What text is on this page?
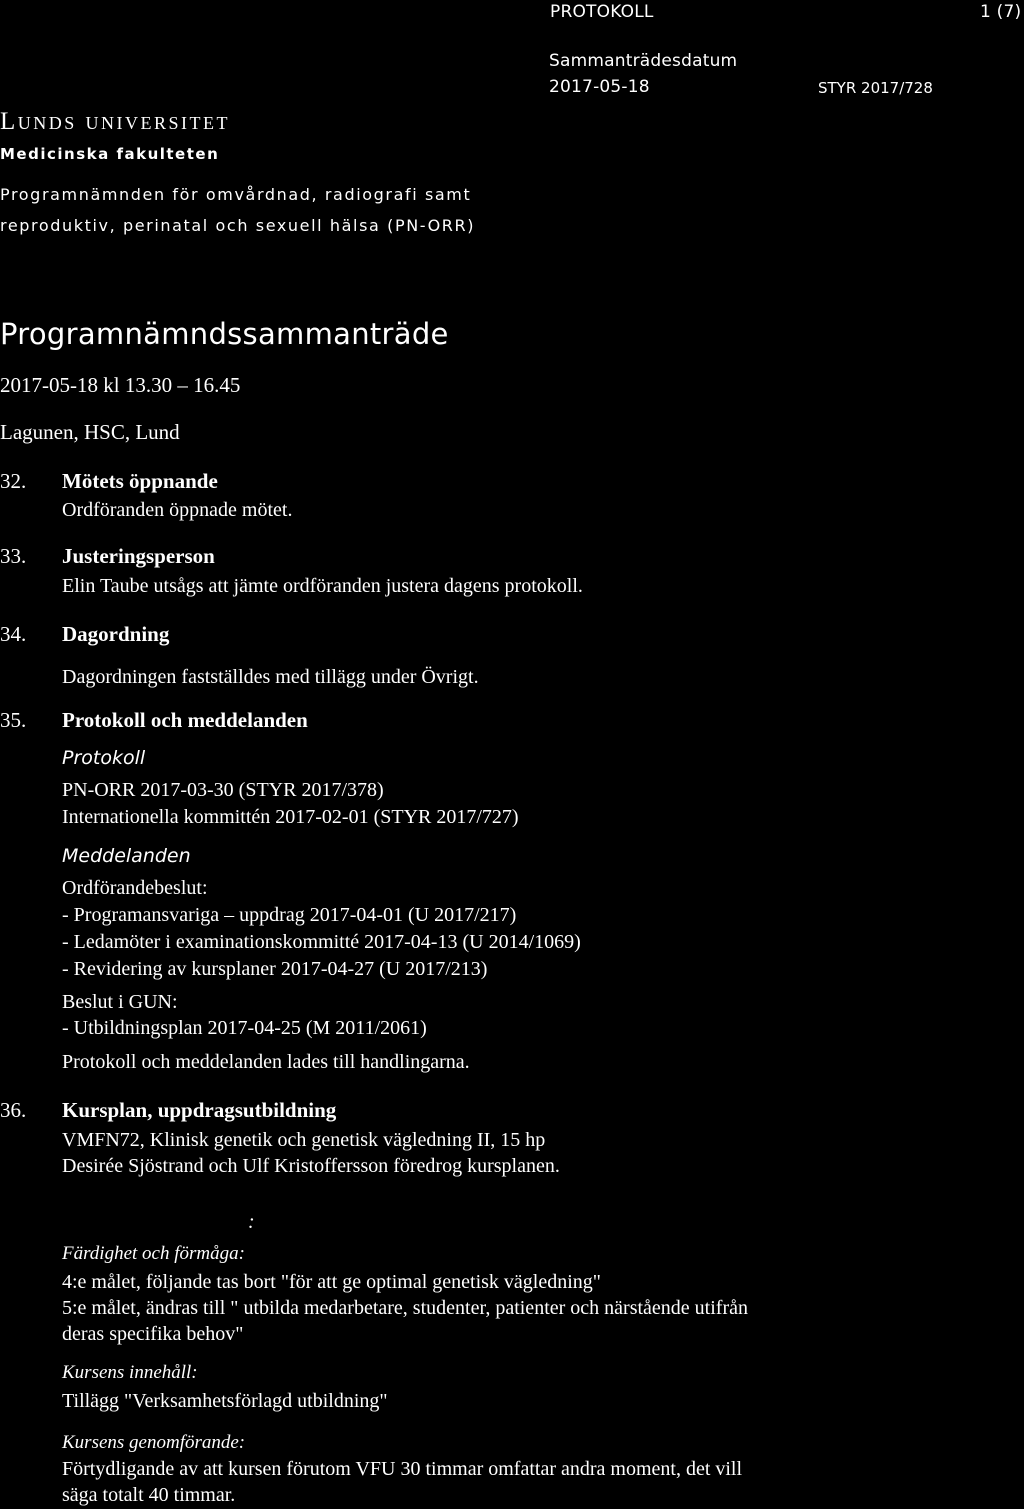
PROTOKOLL	1 (7)
Sammanträdesdatum
2017-05-18	STYR 2017/728
Lunds universitet
Medicinska fakulteten
Programnämnden för omvårdnad, radiografi samt
reproduktiv, perinatal och sexuell hälsa (PN-ORR)
Programnämndssammanträde
2017-05-18 kl 13.30 – 16.45
Lagunen, HSC, Lund
32. Mötets öppnande
Ordföranden öppnade mötet.
33. Justeringsperson
Elin Taube utsågs att jämte ordföranden justera dagens protokoll.
34. Dagordning
Dagordningen fastställdes med tillägg under Övrigt.
35. Protokoll och meddelanden
Protokoll
PN-ORR 2017-03-30 (STYR 2017/378)
Internationella kommittén 2017-02-01 (STYR 2017/727)
Meddelanden
Ordförandebeslut:
- Programansvariga – uppdrag 2017-04-01 (U 2017/217)
- Ledamöter i examinationskommitté 2017-04-13 (U 2014/1069)
- Revidering av kursplaner 2017-04-27 (U 2017/213)
Beslut i GUN:
- Utbildningsplan 2017-04-25 (M 2011/2061)
Protokoll och meddelanden lades till handlingarna.
36. Kursplan, uppdragsutbildning
VMFN72, Klinisk genetik och genetisk vägledning II, 15 hp
Desirée Sjöstrand och Ulf Kristoffersson föredrog kursplanen.
:
Färdighet och förmåga:
4:e målet, följande tas bort "för att ge optimal genetisk vägledning"
5:e målet, ändras till " utbilda medarbetare, studenter, patienter och närstående utifrån
deras specifika behov"
Kursens innehåll:
Tillägg "Verksamhetsförlagd utbildning"
Kursens genomförande:
Förtydligande av att kursen förutom VFU 30 timmar omfattar andra moment, det vill
säga totalt 40 timmar.
